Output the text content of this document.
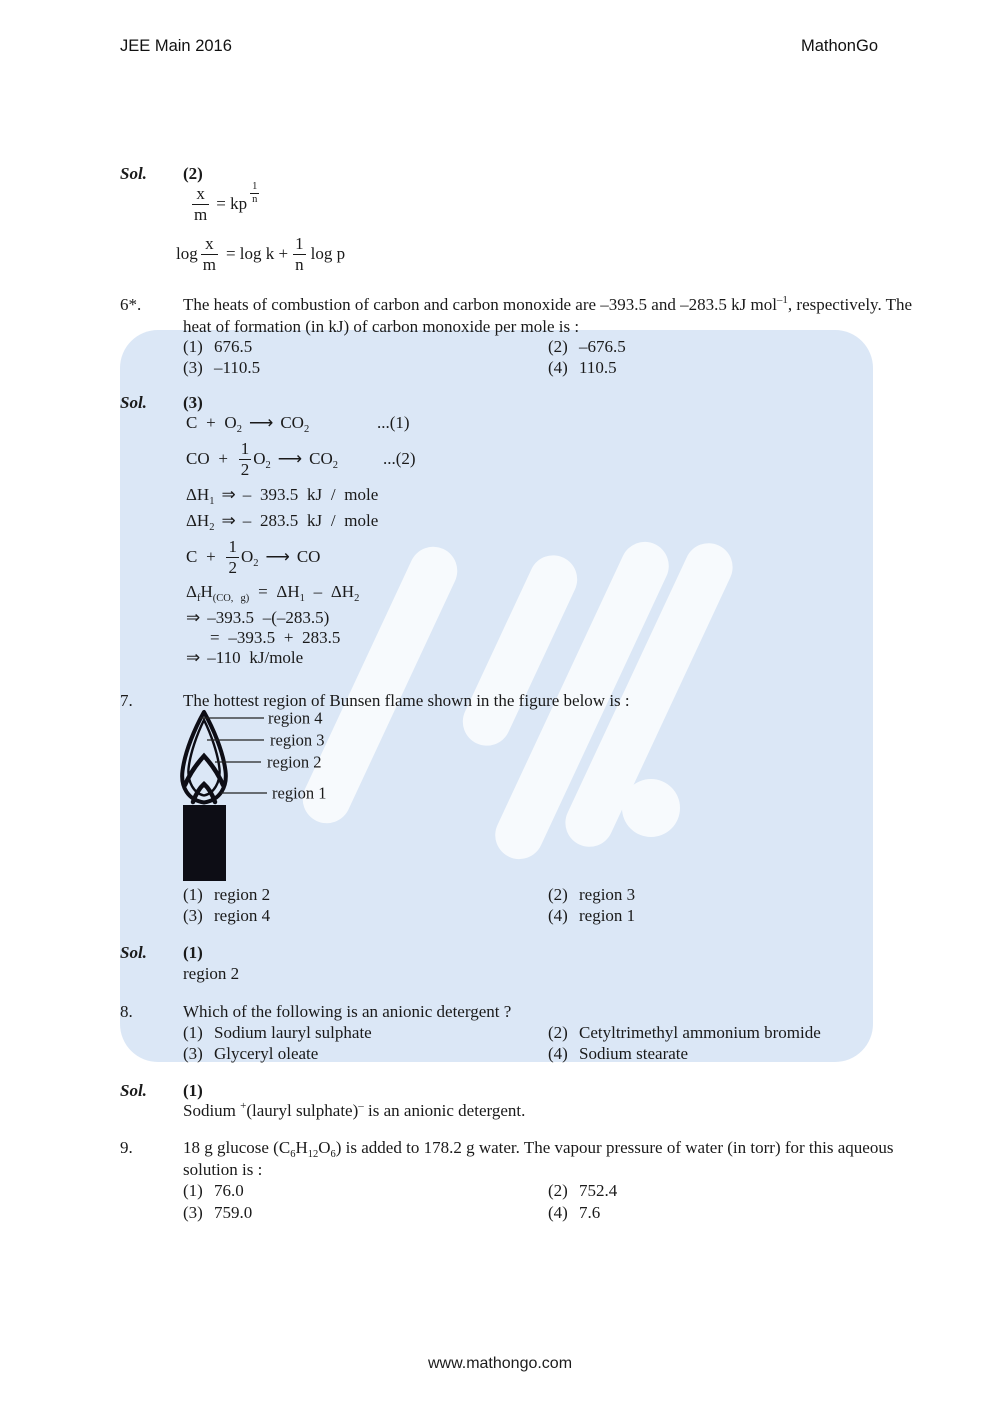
JEE Main 2016	MathonGo
Sol. (2)
$\frac{x}{m}$ = kp
1
n
$\log \frac{x}{m} = \log k + \frac{1}{n}$ log p
6*. The heats of combustion of carbon and carbon monoxide are –393.5 and –283.5 kJ mol$^{-1}$, respectively. The
heat of formation (in kJ) of carbon monoxide per mole is :
(1) 676.5	(2) –676.5
(3) –110.5	(4) 110.5
Sol. (3)
$C + O_2$ ⟶ $CO_2$	...(1)
CO + $\frac{1}{2} O_2$ ⟶ $CO_2$	...(2)
$\Delta H_1$ ⇒ – 393.5 kJ / mole
$\Delta H_2$ ⇒ – 283.5 kJ / mole
$C + \frac{1}{2} O_2$ ⟶ CO
$\Delta_fH_{(CO, g)} = \Delta H_1 - \Delta H_2$
⇒ –393.5 –(–283.5)
= –393.5 + 283.5
⇒ –110 kJ/mole
7.	The hottest region of Bunsen flame shown in the figure below is :
region 4
region 3
region 2
region 1
(1) region 2	(2) region 3
(3) region 4	(4) region 1
Sol. (1)
region 2
8.	Which of the following is an anionic detergent ?
(1) Sodium lauryl sulphate	(2) Cetyltrimethyl ammonium bromide
(3) Glyceryl oleate	(4) Sodium stearate
Sol. (1)
Sodium +(lauryl sulphate)– is an anionic detergent.
9.	18 g glucose $(C_6H_{12}O_6)$ is added to 178.2 g water. The vapour pressure of water (in torr) for this aqueous
solution is :
(1) 76.0	(2) 752.4
(3) 759.0	(4) 7.6
www.mathongo.com
